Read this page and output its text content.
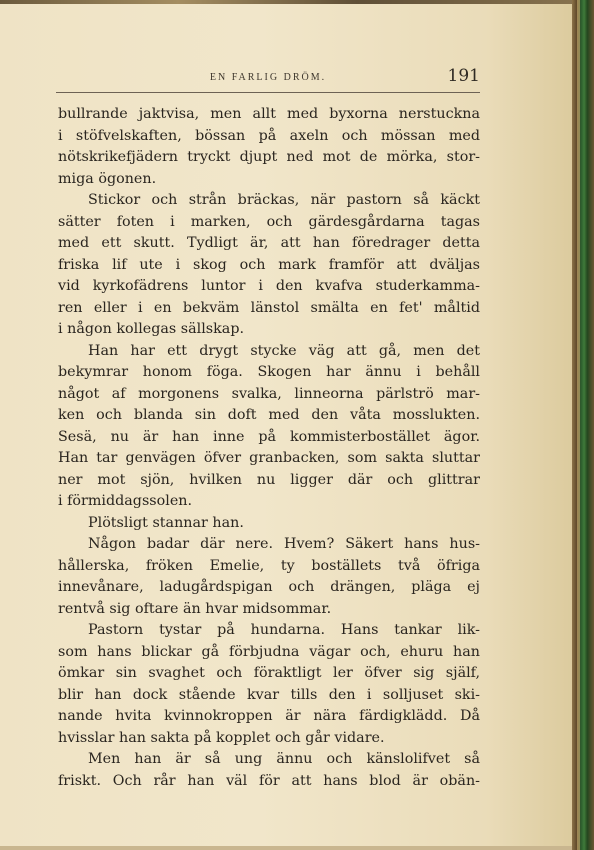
EN FARLIG DRÖM.	191
bullrande jaktvisa, men allt med byxorna nerstuckna
i stöfvelskaften, bössan på axeln och mössan med
nötskrikefjädern tryckt djupt ned mot de mörka, stor-
miga ögonen.
Stickor och strån bräckas, när pastorn så käckt
sätter foten i marken, och gärdesgårdarna tagas
med ett skutt. Tydligt är, att han föredrager detta
friska lif ute i skog och mark framför att dväljas
vid kyrkofädrens luntor i den kvafva studerkamma-
ren eller i en bekväm länstol smälta en fet' måltid
i någon kollegas sällskap.
Han har ett drygt stycke väg att gå, men det
bekymrar honom föga. Skogen har ännu i behåll
något af morgonens svalka, linneorna pärlströ mar-
ken och blanda sin doft med den våta mosslukten.
Sesä, nu är han inne på kommisterbostället ägor.
Han tar genvägen öfver granbacken, som sakta sluttar
ner mot sjön, hvilken nu ligger där och glittrar
i förmiddagssolen.
Plötsligt stannar han.
Någon badar där nere. Hvem? Säkert hans hus-
hållerska, fröken Emelie, ty boställets två öfriga
innevånare, ladugårdspigan och drängen, pläga ej
rentvå sig oftare än hvar midsommar.
Pastorn tystar på hundarna. Hans tankar lik-
som hans blickar gå förbjudna vägar och, ehuru han
ömkar sin svaghet och föraktligt ler öfver sig själf,
blir han dock stående kvar tills den i solljuset ski-
nande hvita kvinnokroppen är nära färdigklädd. Då
hvisslar han sakta på kopplet och går vidare.
Men han är så ung ännu och känslolifvet så
friskt. Och rår han väl för att hans blod är obän-
